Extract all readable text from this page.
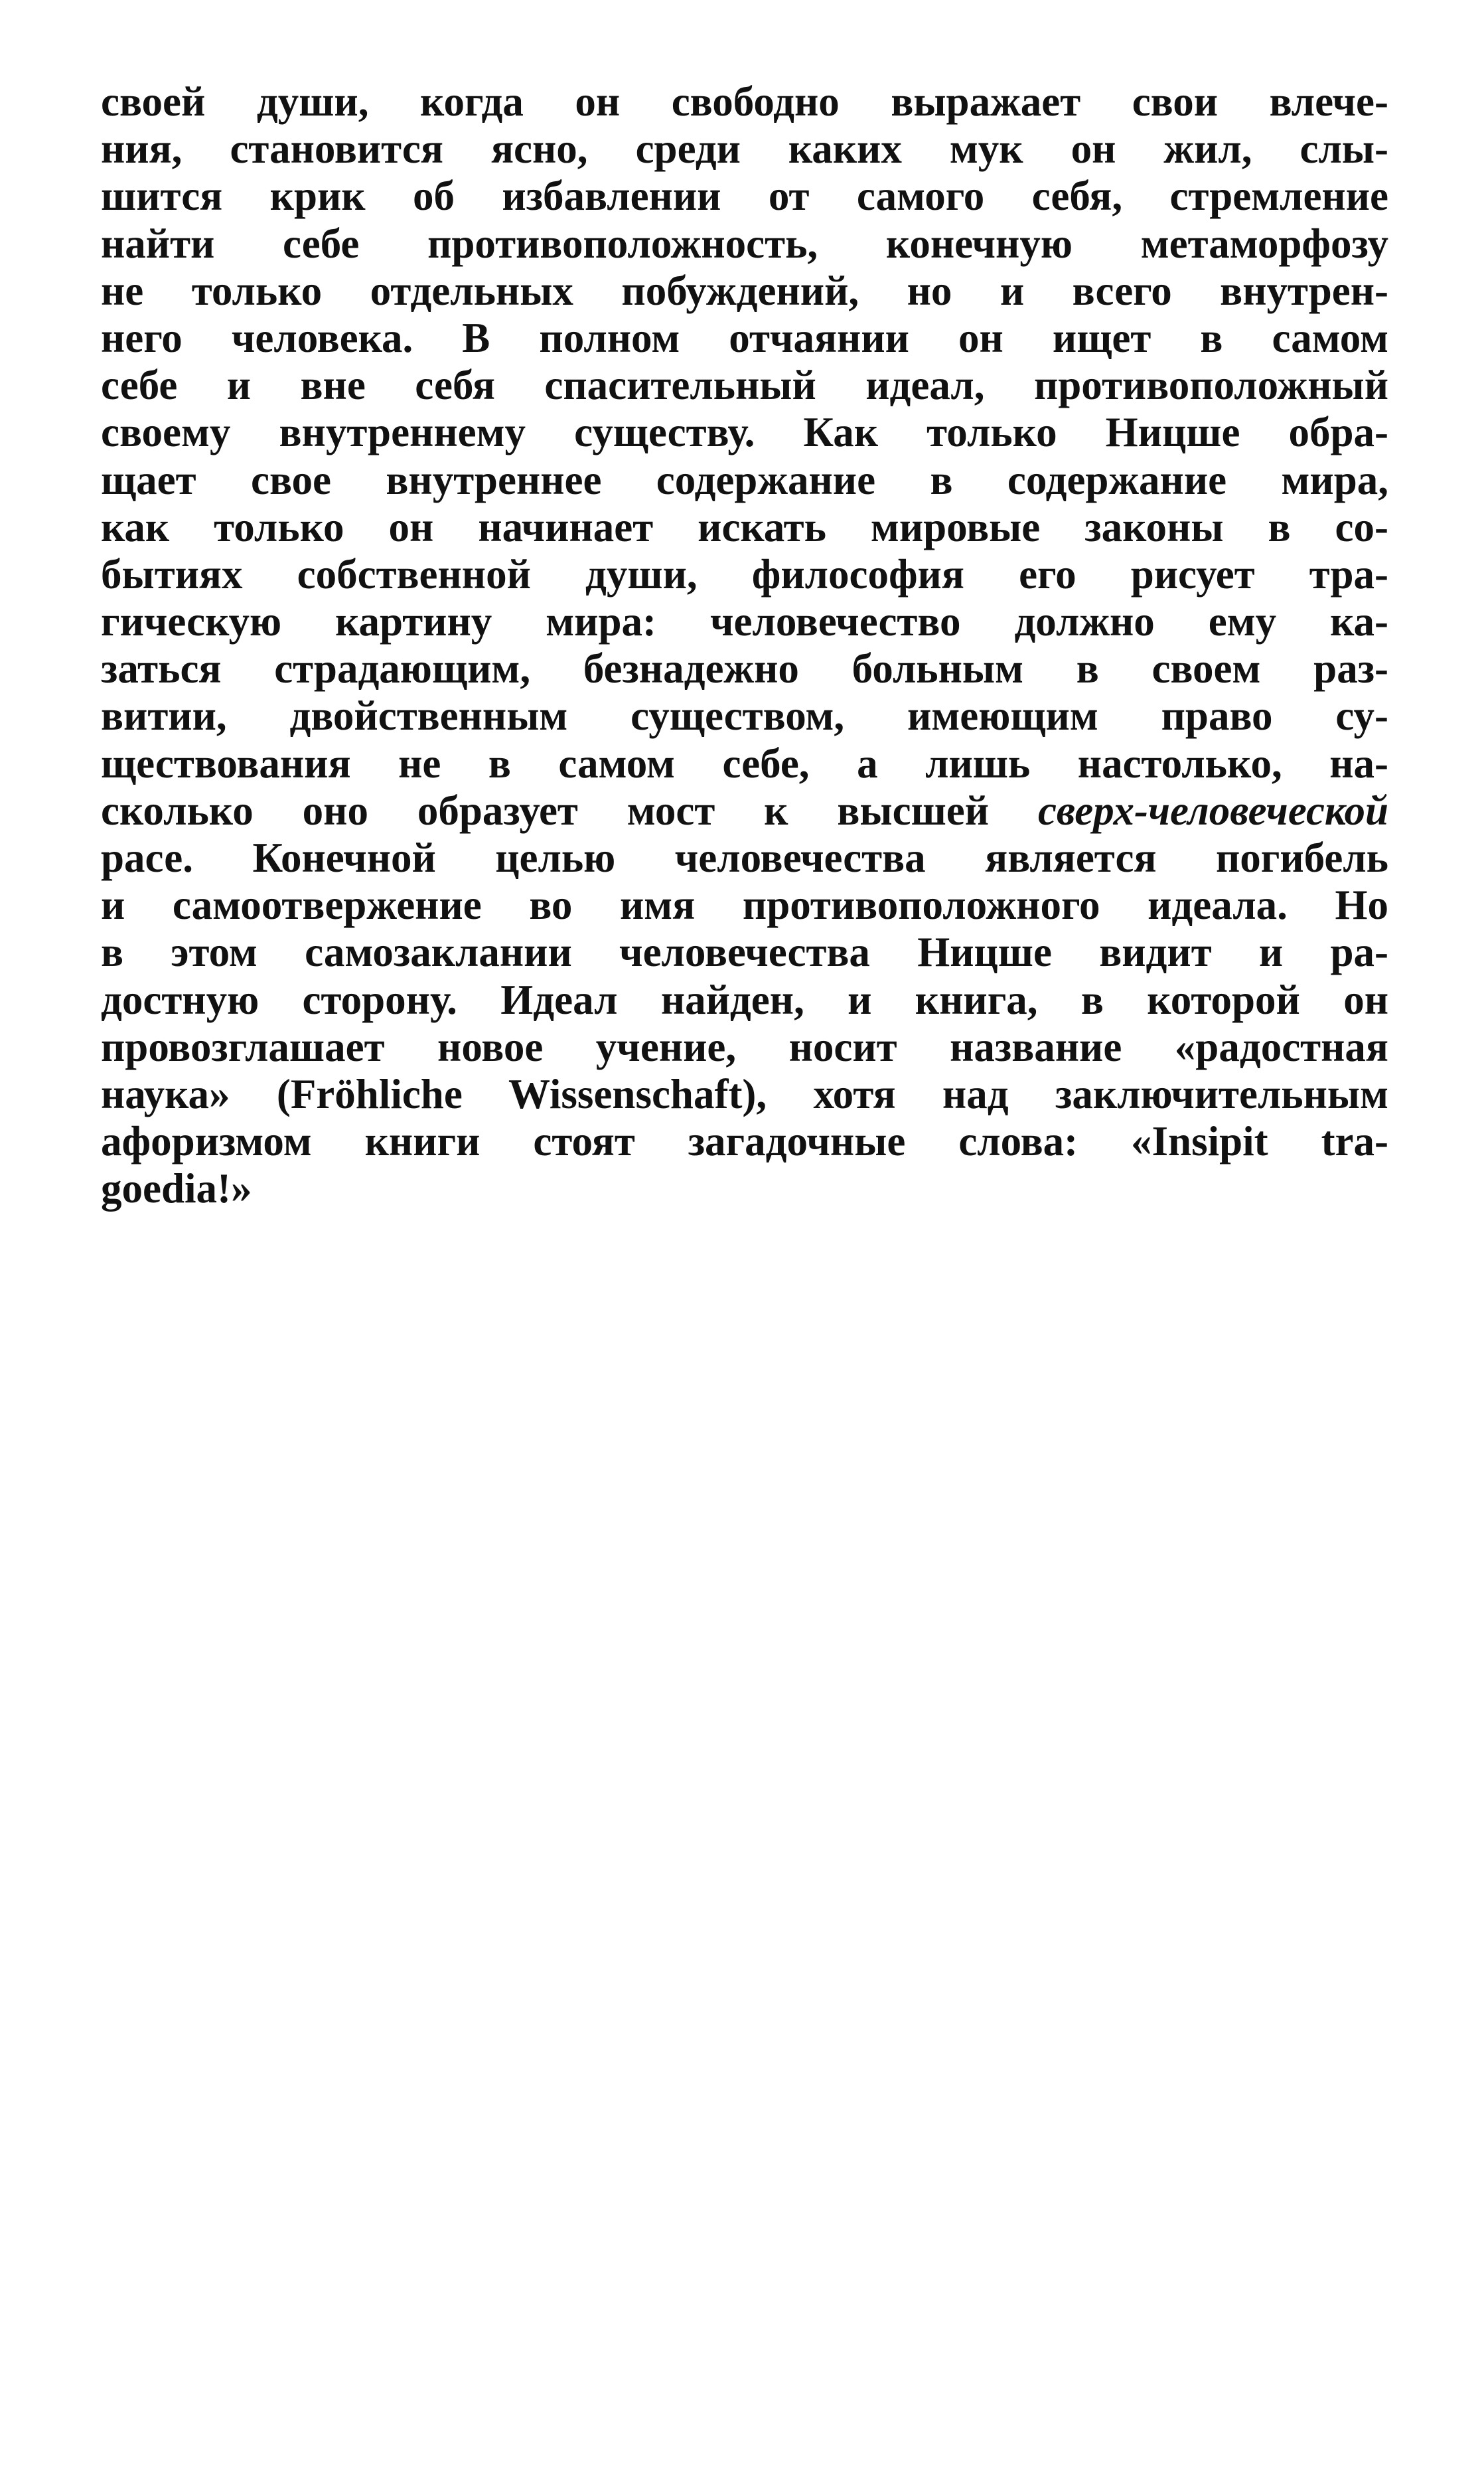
своей души, когда он свободно выражает свои влече-
ния, становится ясно, среди каких мук он жил, слы-
шится крик об избавлении от самого себя, стремление
найти себе противоположность, конечную метаморфозу
не только отдельных побуждений, но и всего внутрен-
него человека. В полном отчаянии он ищет в самом
себе и вне себя спасительный идеал, противоположный
своему внутреннему существу. Как только Ницше обра-
щает свое внутреннее содержание в содержание мира,
как только он начинает искать мировые законы в со-
бытиях собственной души, философия его рисует тра-
гическую картину мира: человечество должно ему ка-
заться страдающим, безнадежно больным в своем раз-
витии, двойственным существом, имеющим право су-
ществования не в самом себе, а лишь настолько, на-
сколько оно образует мост к высшей сверх-человеческой
расе. Конечной целью человечества является погибель
и самоотвержение во имя противоположного идеала. Но
в этом самозаклании человечества Ницше видит и ра-
достную сторону. Идеал найден, и книга, в которой он
провозглашает новое учение, носит название «радостная
наука» (Fröhliche Wissenschaft), хотя над заключительным
афоризмом книги стоят загадочные слова: «Insipit tra-
goedia!»
